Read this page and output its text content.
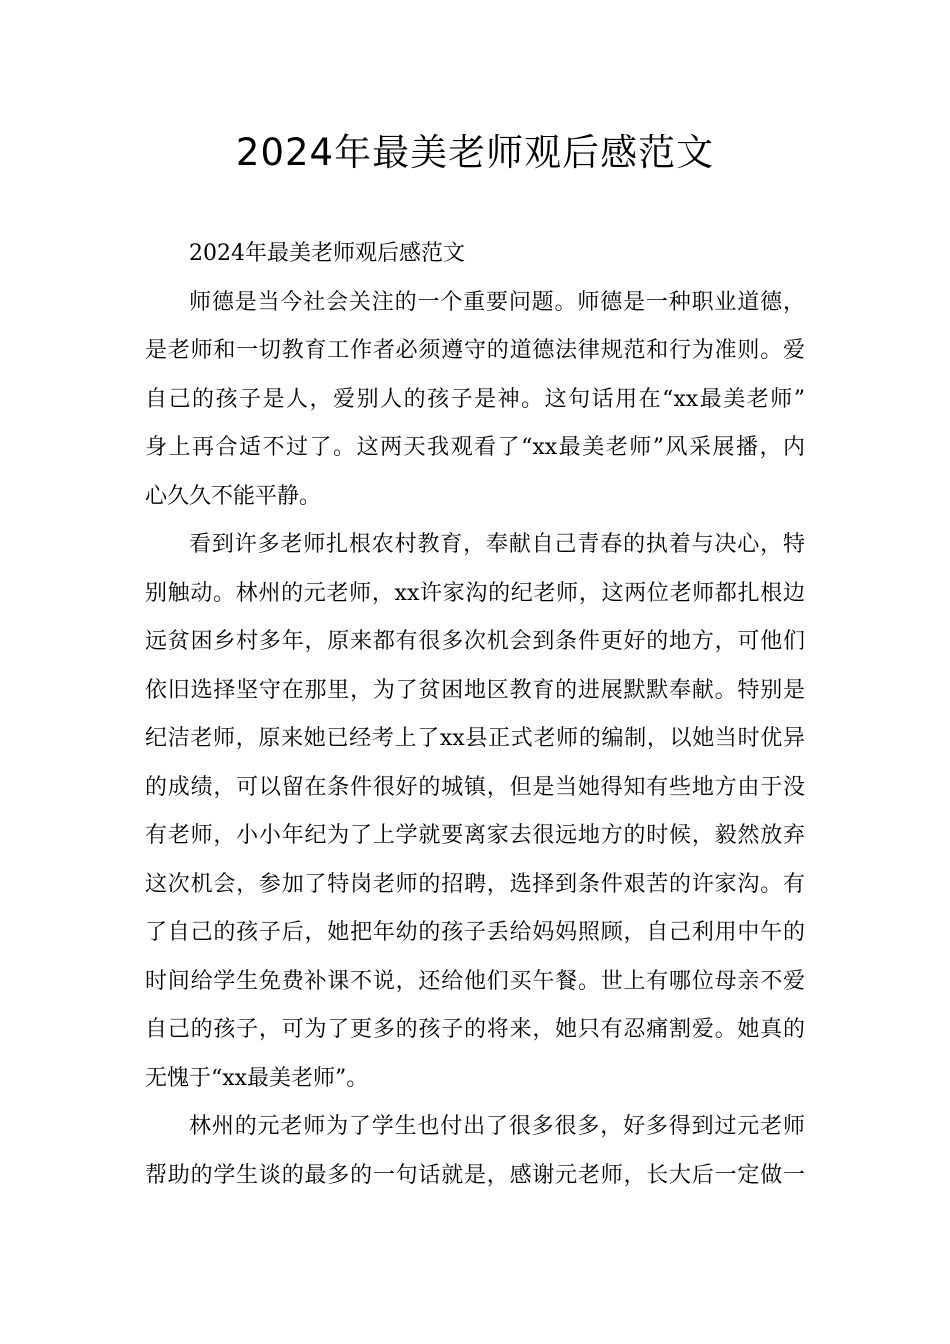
2024年最美老师观后感范文
2024年最美老师观后感范文
师德是当今社会关注的一个重要问题。师德是一种职业道德，
是老师和一切教育工作者必须遵守的道德法律规范和行为准则。爱
自己的孩子是人，爱别人的孩子是神。这句话用在“xx最美老师”
身上再合适不过了。这两天我观看了“xx最美老师”风采展播，内
心久久不能平静。
看到许多老师扎根农村教育，奉献自己青春的执着与决心，特
别触动。林州的元老师，xx许家沟的纪老师，这两位老师都扎根边
远贫困乡村多年，原来都有很多次机会到条件更好的地方，可他们
依旧选择坚守在那里，为了贫困地区教育的进展默默奉献。特别是
纪洁老师，原来她已经考上了xx县正式老师的编制，以她当时优异
的成绩，可以留在条件很好的城镇，但是当她得知有些地方由于没
有老师，小小年纪为了上学就要离家去很远地方的时候，毅然放弃
这次机会，参加了特岗老师的招聘，选择到条件艰苦的许家沟。有
了自己的孩子后，她把年幼的孩子丢给妈妈照顾，自己利用中午的
时间给学生免费补课不说，还给他们买午餐。世上有哪位母亲不爱
自己的孩子，可为了更多的孩子的将来，她只有忍痛割爱。她真的
无愧于“xx最美老师”。
林州的元老师为了学生也付出了很多很多，好多得到过元老师
帮助的学生谈的最多的一句话就是，感谢元老师，长大后一定做一
